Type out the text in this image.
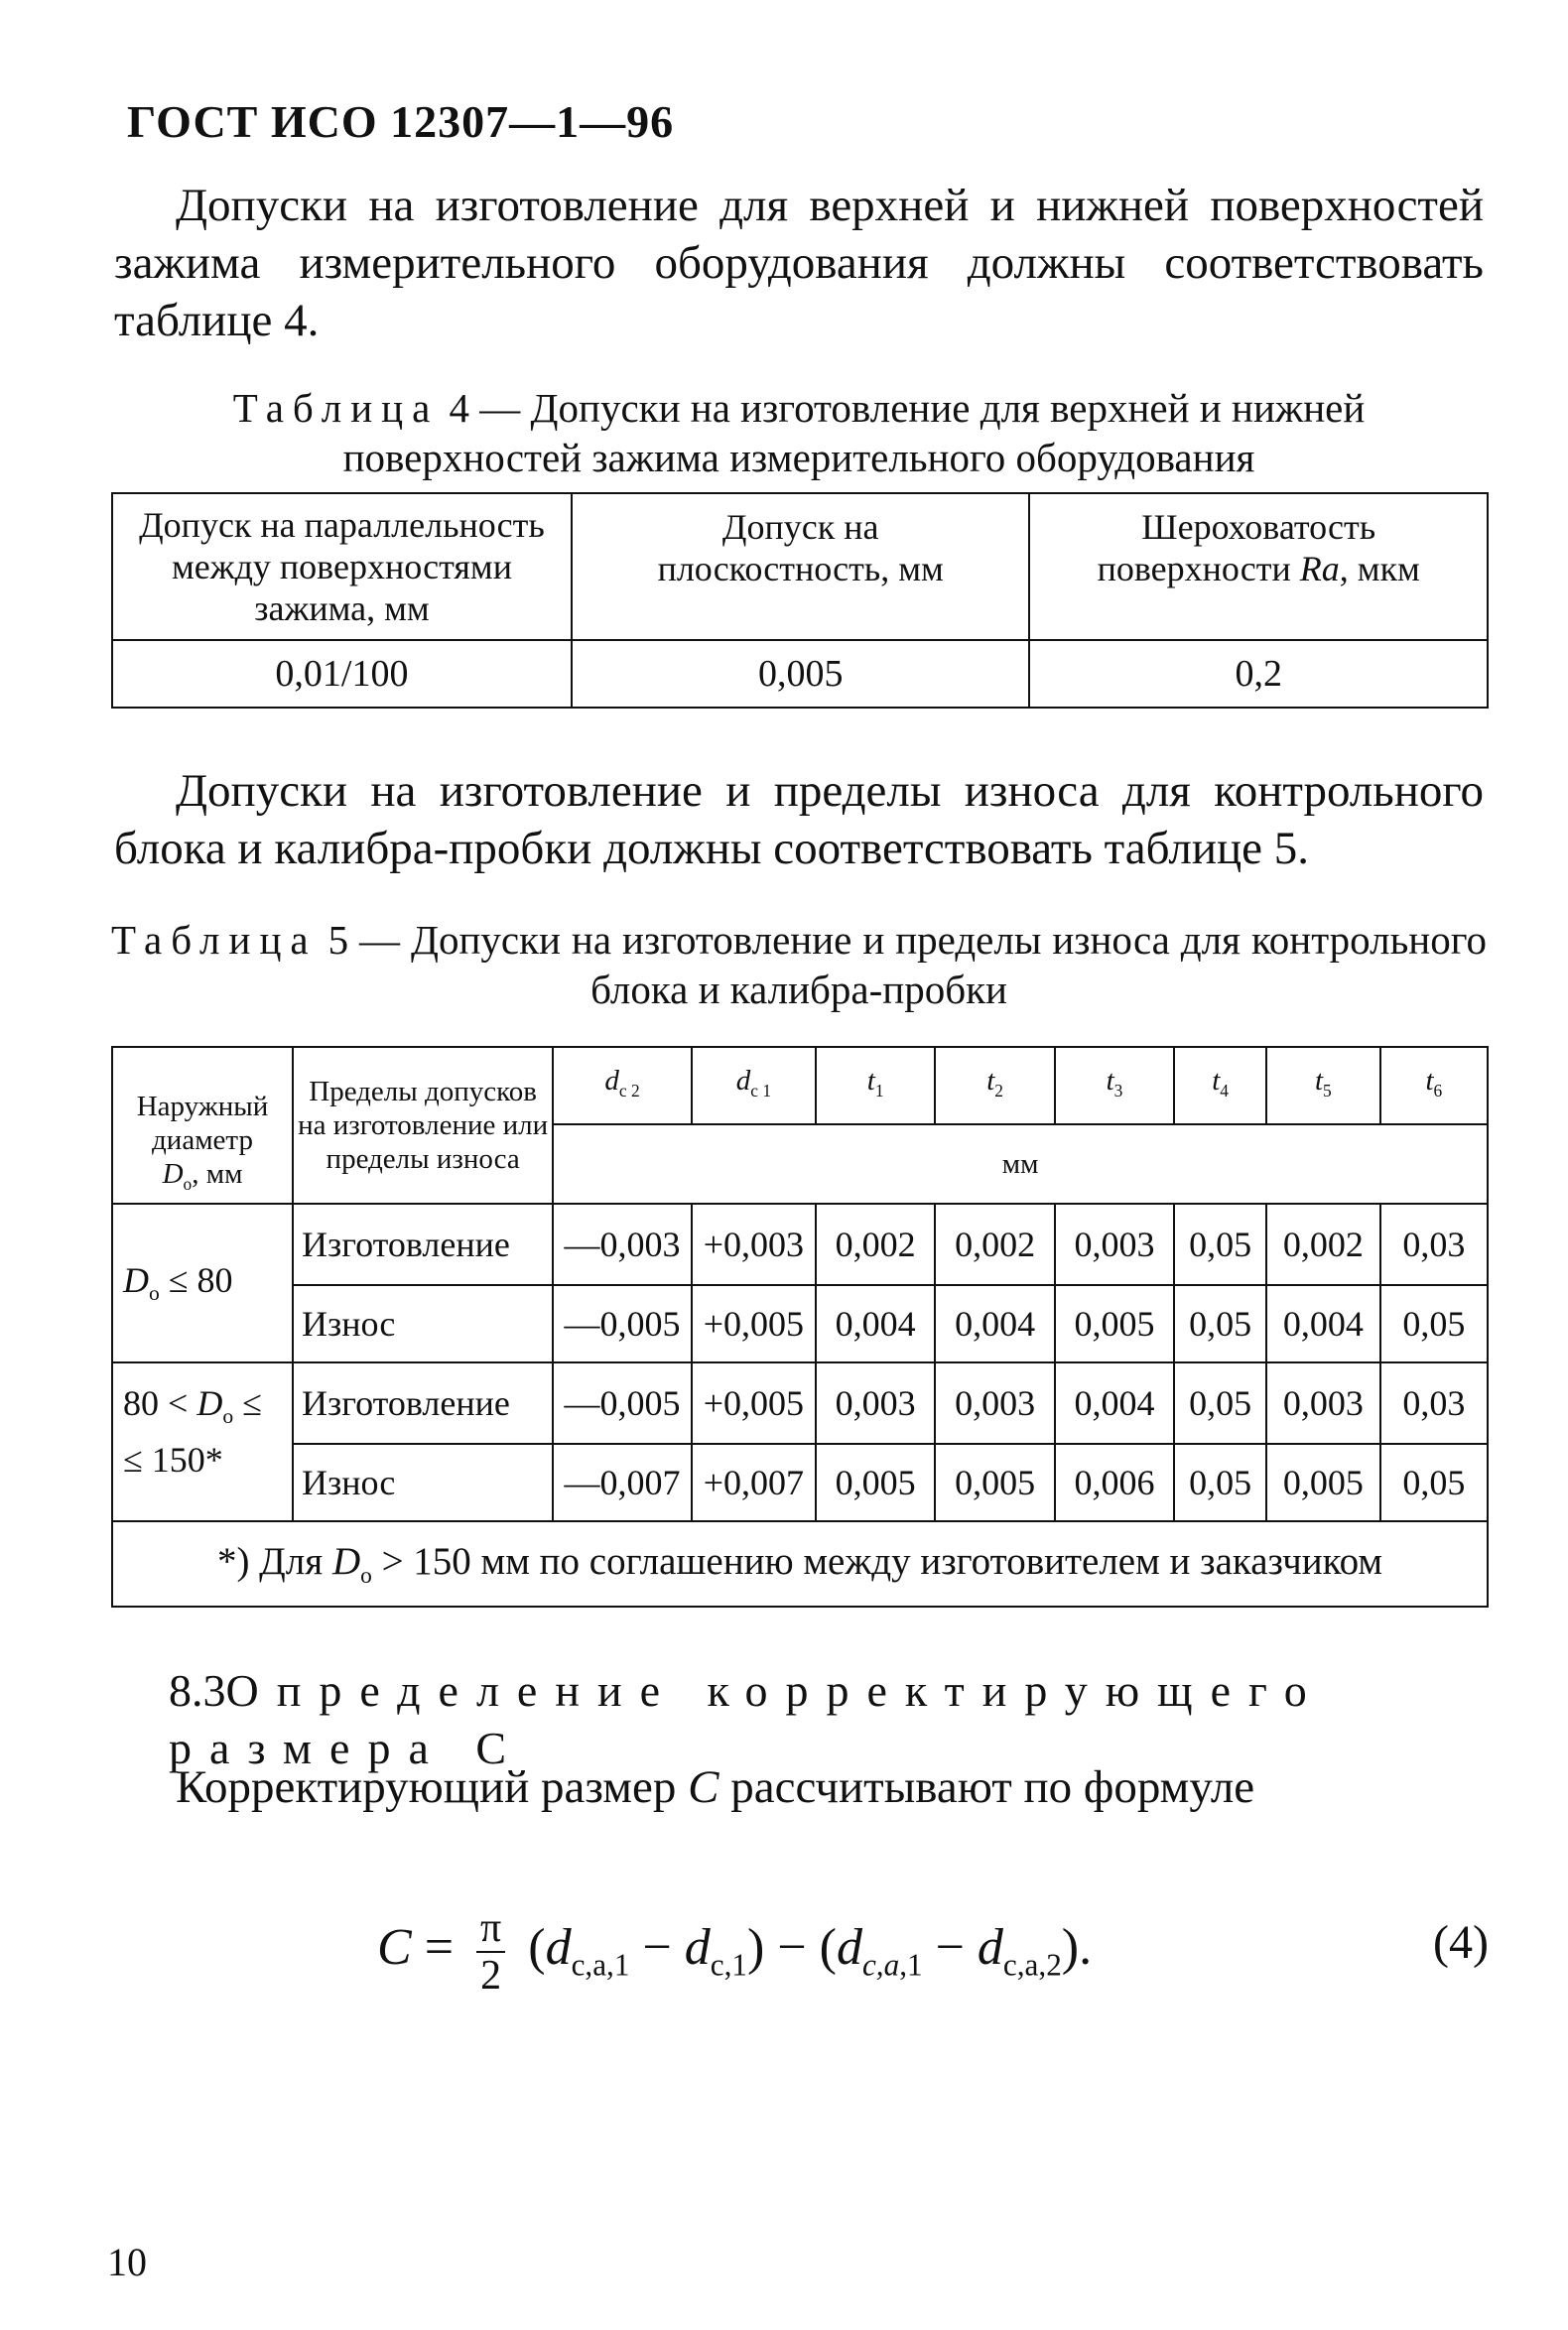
ГОСТ ИСО 12307—1—96
Допуски на изготовление для верхней и нижней поверхностей зажима измерительного оборудования должны соответствовать таблице 4.
Таблица 4 — Допуски на изготовление для верхней и нижней поверхностей зажима измерительного оборудования
Допуск на параллельность между поверхностями зажима, мм	Допуск на плоскостность, мм	Шероховатость поверхности Ra, мкм
0,01/100	0,005	0,2
Допуски на изготовление и пределы износа для контрольного блока и калибра-пробки должны соответствовать таблице 5.
Таблица 5 — Допуски на изготовление и пределы износа для контрольного блока и калибра-пробки
Наружный
диаметр
$D_о$, мм	Пределы допусков на изготовление или пределы износа	$d_{c 2}$	$d_{c 1}$	$t_1$	$t_2$	$t_3$	$t_4$	$t_5$	$t_6$
		мм							
$D_о \le 80$	Изготовление	—0,003	+0,003	0,002	0,002	0,003	0,05	0,002	0,03
	Износ	—0,005	+0,005	0,004	0,004	0,005	0,05	0,004	0,05
$80 < D_о$ ≤
≤ 150*	Изготовление	—0,005	+0,005	0,003	0,003	0,004	0,05	0,003	0,03
	Износ	—0,007	+0,007	0,005	0,005	0,006	0,05	0,005	0,05
*) Для $D_о > 150$ мм по соглашению между изготовителем и заказчиком									
8.3Определение корректирующего размера C
Корректирующий размер C рассчитывают по формуле
$C = \frac{\pi}{2} (d_{c,a,1} - d_{c,1}) - (d_{c,a,1} - d_{c,a,2})$.	(4)
10
